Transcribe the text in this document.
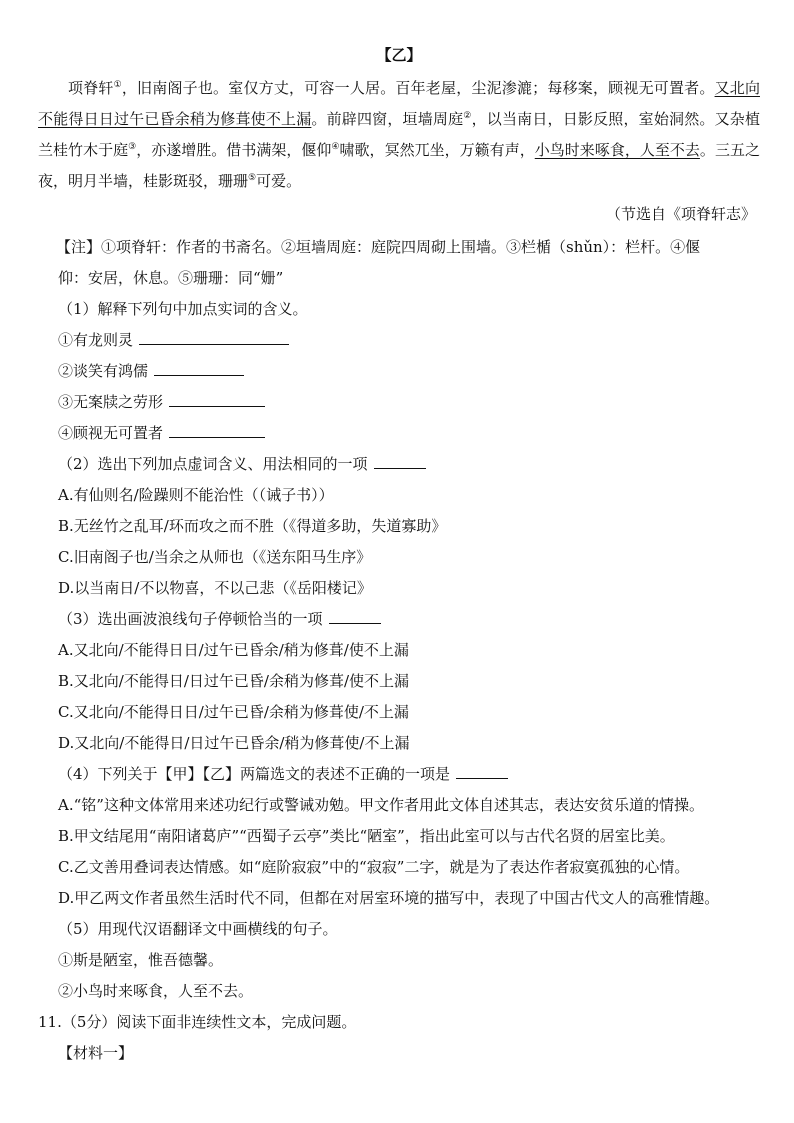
【乙】
项脊轩①，旧南阁子也。室仅方丈，可容一人居。百年老屋，尘泥渗漉；每移案，顾视无可置者。又北向不能得日日过午已昏余稍为修葺使不上漏。前辟四窗，垣墙周庭②，以当南日，日影反照，室始洞然。又杂植兰桂竹木于庭③，亦遂增胜。借书满架，偃仰④啸歌，冥然兀坐，万籁有声，小鸟时来啄食，人至不去。三五之夜，明月半墙，桂影斑驳，珊珊⑤可爱。
（节选自《项脊轩志》
【注】①项脊轩：作者的书斋名。②垣墙周庭：庭院四周砌上围墙。③栏楯（shǔn）：栏杆。④偃
仰：安居，休息。⑤珊珊：同“姗”
（1）解释下列句中加点实词的含义。
①有龙则灵
②谈笑有鸿儒
③无案牍之劳形
④顾视无可置者
（2）选出下列加点虚词含义、用法相同的一项
A.有仙则名/险躁则不能治性（（诫子书））
B.无丝竹之乱耳/环而攻之而不胜（《得道多助，失道寡助》
C.旧南阁子也/当余之从师也（《送东阳马生序》
D.以当南日/不以物喜，不以己悲（《岳阳楼记》
（3）选出画波浪线句子停顿恰当的一项
A.又北向/不能得日日/过午已昏余/稍为修葺/使不上漏
B.又北向/不能得日/日过午已昏/余稍为修葺/使不上漏
C.又北向/不能得日日/过午已昏/余稍为修葺使/不上漏
D.又北向/不能得日/日过午已昏余/稍为修葺使/不上漏
（4）下列关于【甲】【乙】两篇选文的表述不正确的一项是
A.“铭”这种文体常用来述功纪行或警诫劝勉。甲文作者用此文体自述其志，表达安贫乐道的情操。
B.甲文结尾用“南阳诸葛庐”“西蜀子云亭”类比“陋室”，指出此室可以与古代名贤的居室比美。
C.乙文善用叠词表达情感。如“庭阶寂寂”中的“寂寂”二字，就是为了表达作者寂寞孤独的心情。
D.甲乙两文作者虽然生活时代不同，但都在对居室环境的描写中，表现了中国古代文人的高雅情趣。
（5）用现代汉语翻译文中画横线的句子。
①斯是陋室，惟吾德馨。
②小鸟时来啄食，人至不去。
11.（5分）阅读下面非连续性文本，完成问题。
【材料一】
